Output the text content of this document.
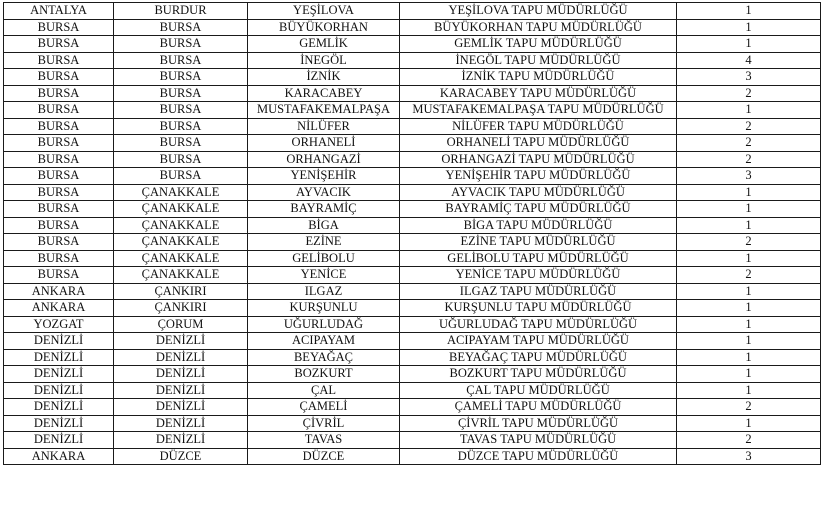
ANTALYA	BURDUR	YEŞİLOVA	YEŞİLOVA TAPU MÜDÜRLÜĞÜ	1
BURSA	BURSA	BÜYÜKORHAN	BÜYÜKORHAN TAPU MÜDÜRLÜĞÜ	1
BURSA	BURSA	GEMLİK	GEMLİK TAPU MÜDÜRLÜĞÜ	1
BURSA	BURSA	İNEGÖL	İNEGÖL TAPU MÜDÜRLÜĞÜ	4
BURSA	BURSA	İZNİK	İZNİK TAPU MÜDÜRLÜĞÜ	3
BURSA	BURSA	KARACABEY	KARACABEY TAPU MÜDÜRLÜĞÜ	2
BURSA	BURSA	MUSTAFAKEMALPAŞA	MUSTAFAKEMALPAŞA TAPU MÜDÜRLÜĞÜ	1
BURSA	BURSA	NİLÜFER	NİLÜFER TAPU MÜDÜRLÜĞÜ	2
BURSA	BURSA	ORHANELİ	ORHANELİ TAPU MÜDÜRLÜĞÜ	2
BURSA	BURSA	ORHANGAZİ	ORHANGAZİ TAPU MÜDÜRLÜĞÜ	2
BURSA	BURSA	YENİŞEHİR	YENİŞEHİR TAPU MÜDÜRLÜĞÜ	3
BURSA	ÇANAKKALE	AYVACIK	AYVACIK TAPU MÜDÜRLÜĞÜ	1
BURSA	ÇANAKKALE	BAYRAMİÇ	BAYRAMİÇ TAPU MÜDÜRLÜĞÜ	1
BURSA	ÇANAKKALE	BİGA	BİGA TAPU MÜDÜRLÜĞÜ	1
BURSA	ÇANAKKALE	EZİNE	EZİNE TAPU MÜDÜRLÜĞÜ	2
BURSA	ÇANAKKALE	GELİBOLU	GELİBOLU TAPU MÜDÜRLÜĞÜ	1
BURSA	ÇANAKKALE	YENİCE	YENİCE TAPU MÜDÜRLÜĞÜ	2
ANKARA	ÇANKIRI	ILGAZ	ILGAZ TAPU MÜDÜRLÜĞÜ	1
ANKARA	ÇANKIRI	KURŞUNLU	KURŞUNLU TAPU MÜDÜRLÜĞÜ	1
YOZGAT	ÇORUM	UĞURLUDAĞ	UĞURLUDAĞ TAPU MÜDÜRLÜĞÜ	1
DENİZLİ	DENİZLİ	ACIPAYAM	ACIPAYAM TAPU MÜDÜRLÜĞÜ	1
DENİZLİ	DENİZLİ	BEYAĞAÇ	BEYAĞAÇ TAPU MÜDÜRLÜĞÜ	1
DENİZLİ	DENİZLİ	BOZKURT	BOZKURT TAPU MÜDÜRLÜĞÜ	1
DENİZLİ	DENİZLİ	ÇAL	ÇAL TAPU MÜDÜRLÜĞÜ	1
DENİZLİ	DENİZLİ	ÇAMELİ	ÇAMELİ TAPU MÜDÜRLÜĞÜ	2
DENİZLİ	DENİZLİ	ÇİVRİL	ÇİVRİL TAPU MÜDÜRLÜĞÜ	1
DENİZLİ	DENİZLİ	TAVAS	TAVAS TAPU MÜDÜRLÜĞÜ	2
ANKARA	DÜZCE	DÜZCE	DÜZCE TAPU MÜDÜRLÜĞÜ	3
